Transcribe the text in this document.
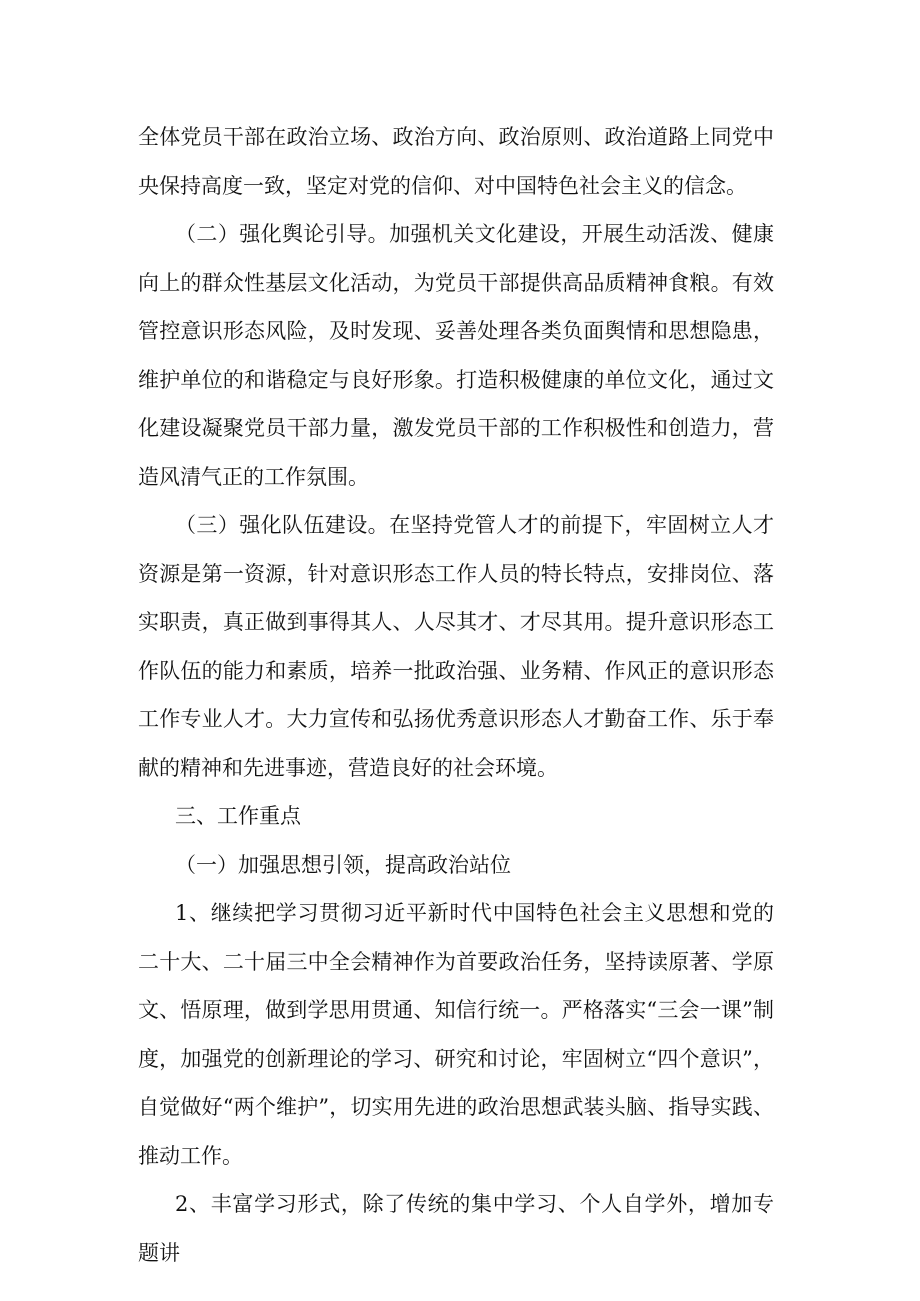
全体党员干部在政治立场、政治方向、政治原则、政治道路上同党中央保持高度一致，坚定对党的信仰、对中国特色社会主义的信念。

（二）强化舆论引导。加强机关文化建设，开展生动活泼、健康向上的群众性基层文化活动，为党员干部提供高品质精神食粮。有效管控意识形态风险，及时发现、妥善处理各类负面舆情和思想隐患，维护单位的和谐稳定与良好形象。打造积极健康的单位文化，通过文化建设凝聚党员干部力量，激发党员干部的工作积极性和创造力，营造风清气正的工作氛围。

（三）强化队伍建设。在坚持党管人才的前提下，牢固树立人才资源是第一资源，针对意识形态工作人员的特长特点，安排岗位、落实职责，真正做到事得其人、人尽其才、才尽其用。提升意识形态工作队伍的能力和素质，培养一批政治强、业务精、作风正的意识形态工作专业人才。大力宣传和弘扬优秀意识形态人才勤奋工作、乐于奉献的精神和先进事迹，营造良好的社会环境。

三、工作重点

（一）加强思想引领，提高政治站位

1、继续把学习贯彻习近平新时代中国特色社会主义思想和党的二十大、二十届三中全会精神作为首要政治任务，坚持读原著、学原文、悟原理，做到学思用贯通、知信行统一。严格落实“三会一课”制度，加强党的创新理论的学习、研究和讨论，牢固树立“四个意识”，自觉做好“两个维护”，切实用先进的政治思想武装头脑、指导实践、推动工作。

2、丰富学习形式，除了传统的集中学习、个人自学外，增加专题讲
